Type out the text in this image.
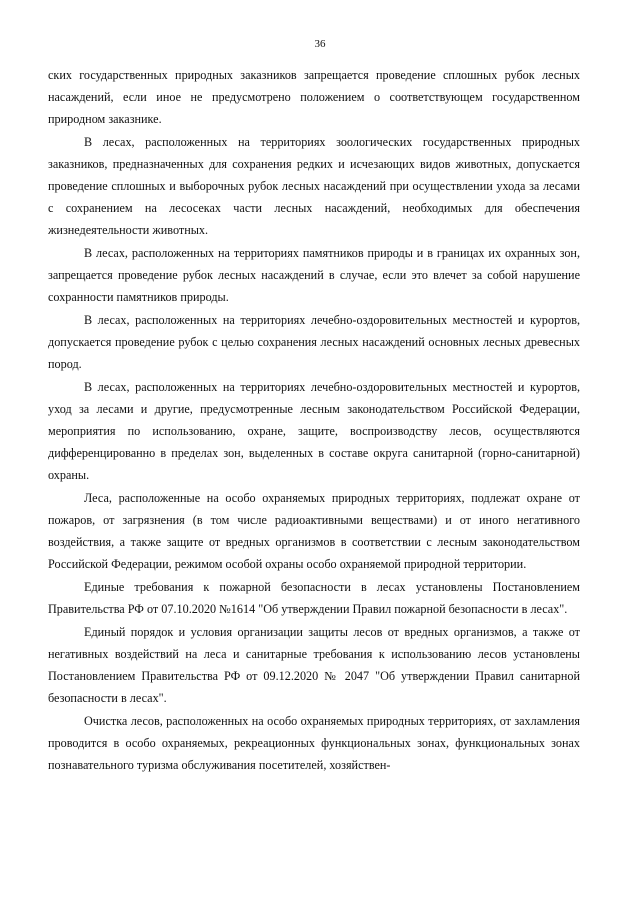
36

ских государственных природных заказников запрещается проведение сплошных рубок лесных насаждений, если иное не предусмотрено положением о соответствующем государственном природном заказнике.

В лесах, расположенных на территориях зоологических государственных природных заказников, предназначенных для сохранения редких и исчезающих видов животных, допускается проведение сплошных и выборочных рубок лесных насаждений при осуществлении ухода за лесами с сохранением на лесосеках части лесных насаждений, необходимых для обеспечения жизнедеятельности животных.

В лесах, расположенных на территориях памятников природы и в границах их охранных зон, запрещается проведение рубок лесных насаждений в случае, если это влечет за собой нарушение сохранности памятников природы.

В лесах, расположенных на территориях лечебно-оздоровительных местностей и курортов, допускается проведение рубок с целью сохранения лесных насаждений основных лесных древесных пород.

В лесах, расположенных на территориях лечебно-оздоровительных местностей и курортов, уход за лесами и другие, предусмотренные лесным законодательством Российской Федерации, мероприятия по использованию, охране, защите, воспроизводству лесов, осуществляются дифференцированно в пределах зон, выделенных в составе округа санитарной (горно-санитарной) охраны.

Леса, расположенные на особо охраняемых природных территориях, подлежат охране от пожаров, от загрязнения (в том числе радиоактивными веществами) и от иного негативного воздействия, а также защите от вредных организмов в соответствии с лесным законодательством Российской Федерации, режимом особой охраны особо охраняемой природной территории.

Единые требования к пожарной безопасности в лесах установлены Постановлением Правительства РФ от 07.10.2020 №1614 "Об утверждении Правил пожарной безопасности в лесах".

Единый порядок и условия организации защиты лесов от вредных организмов, а также от негативных воздействий на леса и санитарные требования к использованию лесов установлены Постановлением Правительства РФ от 09.12.2020 № 2047 "Об утверждении Правил санитарной безопасности в лесах".

Очистка лесов, расположенных на особо охраняемых природных территориях, от захламления проводится в особо охраняемых, рекреационных функциональных зонах, функциональных зонах познавательного туризма обслуживания посетителей, хозяйствен-
